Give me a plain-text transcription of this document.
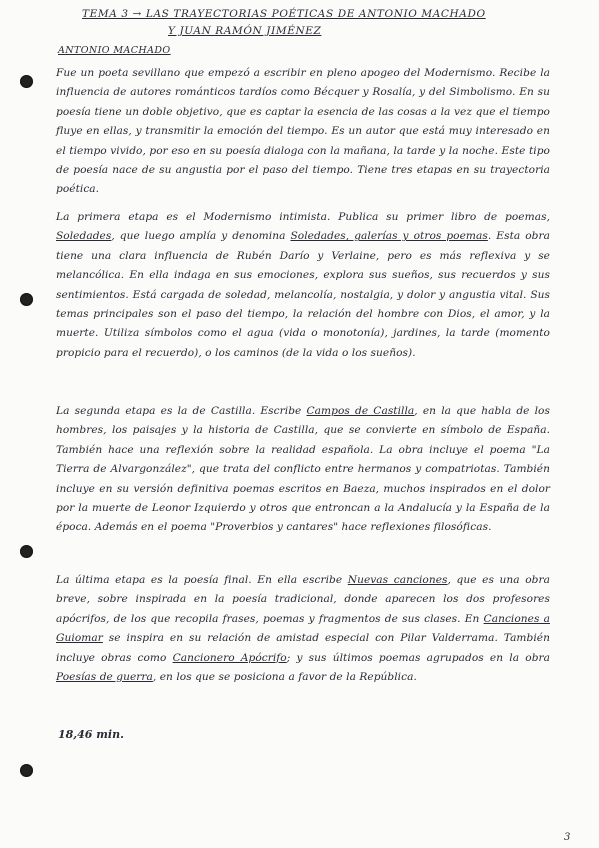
TEMA 3 → LAS TRAYECTORIAS POÉTICAS DE ANTONIO MACHADO
Y JUAN RAMÓN JIMÉNEZ
ANTONIO MACHADO
Fue un poeta sevillano que empezó a escribir en pleno apogeo del Modernismo. Recibe la influencia de autores románticos tardíos como Bécquer y Rosalía, y del Simbolismo. En su poesía tiene un doble objetivo, que es captar la esencia de las cosas a la vez que el tiempo fluye en ellas, y transmitir la emoción del tiempo. Es un autor que está muy interesado en el tiempo vivido, por eso en su poesía dialoga con la mañana, la tarde y la noche. Este tipo de poesía nace de su angustia por el paso del tiempo. Tiene tres etapas en su trayectoria poética.
La primera etapa es el Modernismo intimista. Publica su primer libro de poemas, Soledades, que luego amplía y denomina Soledades, galerías y otros poemas. Esta obra tiene una clara influencia de Rubén Darío y Verlaine, pero es más reflexiva y se melancólica. En ella indaga en sus emociones, explora sus sueños, sus recuerdos y sus sentimientos. Está cargada de soledad, melancolía, nostalgia, y dolor y angustia vital. Sus temas principales son el paso del tiempo, la relación del hombre con Dios, el amor, y la muerte. Utiliza símbolos como el agua (vida o monotonía), jardines, la tarde (momento propicio para el recuerdo), o los caminos (de la vida o los sueños).
La segunda etapa es la de Castilla. Escribe Campos de Castilla, en la que habla de los hombres, los paisajes y la historia de Castilla, que se convierte en símbolo de España. También hace una reflexión sobre la realidad española. La obra incluye el poema "La Tierra de Alvargonzález", que trata del conflicto entre hermanos y compatriotas. También incluye en su versión definitiva poemas escritos en Baeza, muchos inspirados en el dolor por la muerte de Leonor Izquierdo y otros que entroncan a la Andalucía y la España de la época. Además en el poema "Proverbios y cantares" hace reflexiones filosóficas.
La última etapa es la poesía final. En ella escribe Nuevas canciones, que es una obra breve, sobre inspirada en la poesía tradicional, donde aparecen los dos profesores apócrifos, de los que recopila frases, poemas y fragmentos de sus clases. En Canciones a Guiomar se inspira en su relación de amistad especial con Pilar Valderrama. También incluye obras como Cancionero Apócrifo; y sus últimos poemas agrupados en la obra Poesías de guerra, en los que se posiciona a favor de la República.
18,46 min.
3
